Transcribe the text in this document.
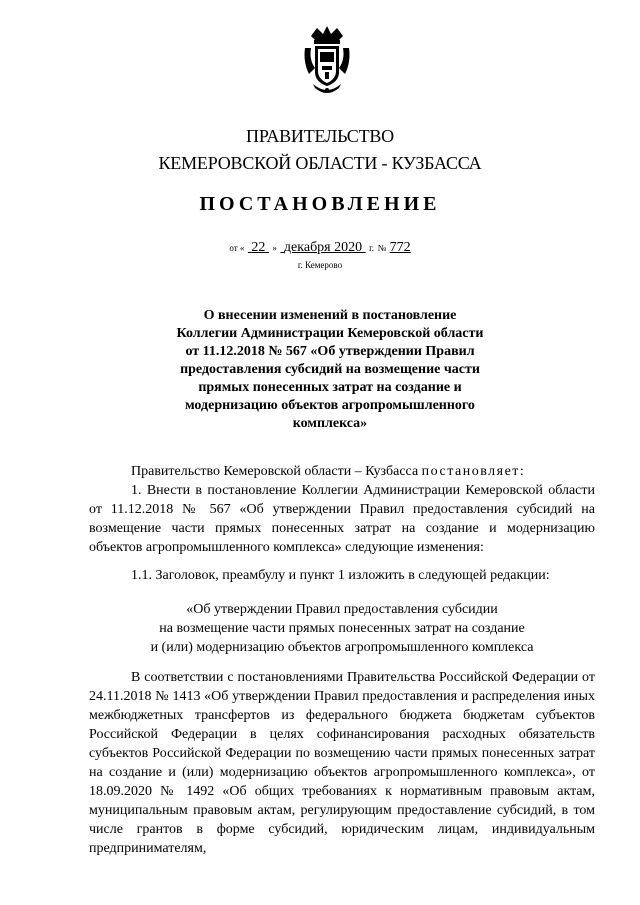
ПРАВИТЕЛЬСТВО
КЕМЕРОВСКОЙ ОБЛАСТИ - КУЗБАССА
ПОСТАНОВЛЕНИЕ
от « 22 » декабря 2020 г. № 772
г. Кемерово
О внесении изменений в постановление
Коллегии Администрации Кемеровской области
от 11.12.2018 № 567 «Об утверждении Правил
предоставления субсидий на возмещение части
прямых понесенных затрат на создание и
модернизацию объектов агропромышленного
комплекса»
Правительство Кемеровской области – Кузбасса постановляет:
1. Внести в постановление Коллегии Администрации Кемеровской области от 11.12.2018 № 567 «Об утверждении Правил предоставления субсидий на возмещение части прямых понесенных затрат на создание и модернизацию объектов агропромышленного комплекса» следующие изменения:
1.1. Заголовок, преамбулу и пункт 1 изложить в следующей редакции:
«Об утверждении Правил предоставления субсидии
на возмещение части прямых понесенных затрат на создание
и (или) модернизацию объектов агропромышленного комплекса
В соответствии с постановлениями Правительства Российской Федерации от 24.11.2018 № 1413 «Об утверждении Правил предоставления и распределения иных межбюджетных трансфертов из федерального бюджета бюджетам субъектов Российской Федерации в целях софинансирования расходных обязательств субъектов Российской Федерации по возмещению части прямых понесенных затрат на создание и (или) модернизацию объектов агропромышленного комплекса», от 18.09.2020 № 1492 «Об общих требованиях к нормативным правовым актам, муниципальным правовым актам, регулирующим предоставление субсидий, в том числе грантов в форме субсидий, юридическим лицам, индивидуальным предпринимателям,
